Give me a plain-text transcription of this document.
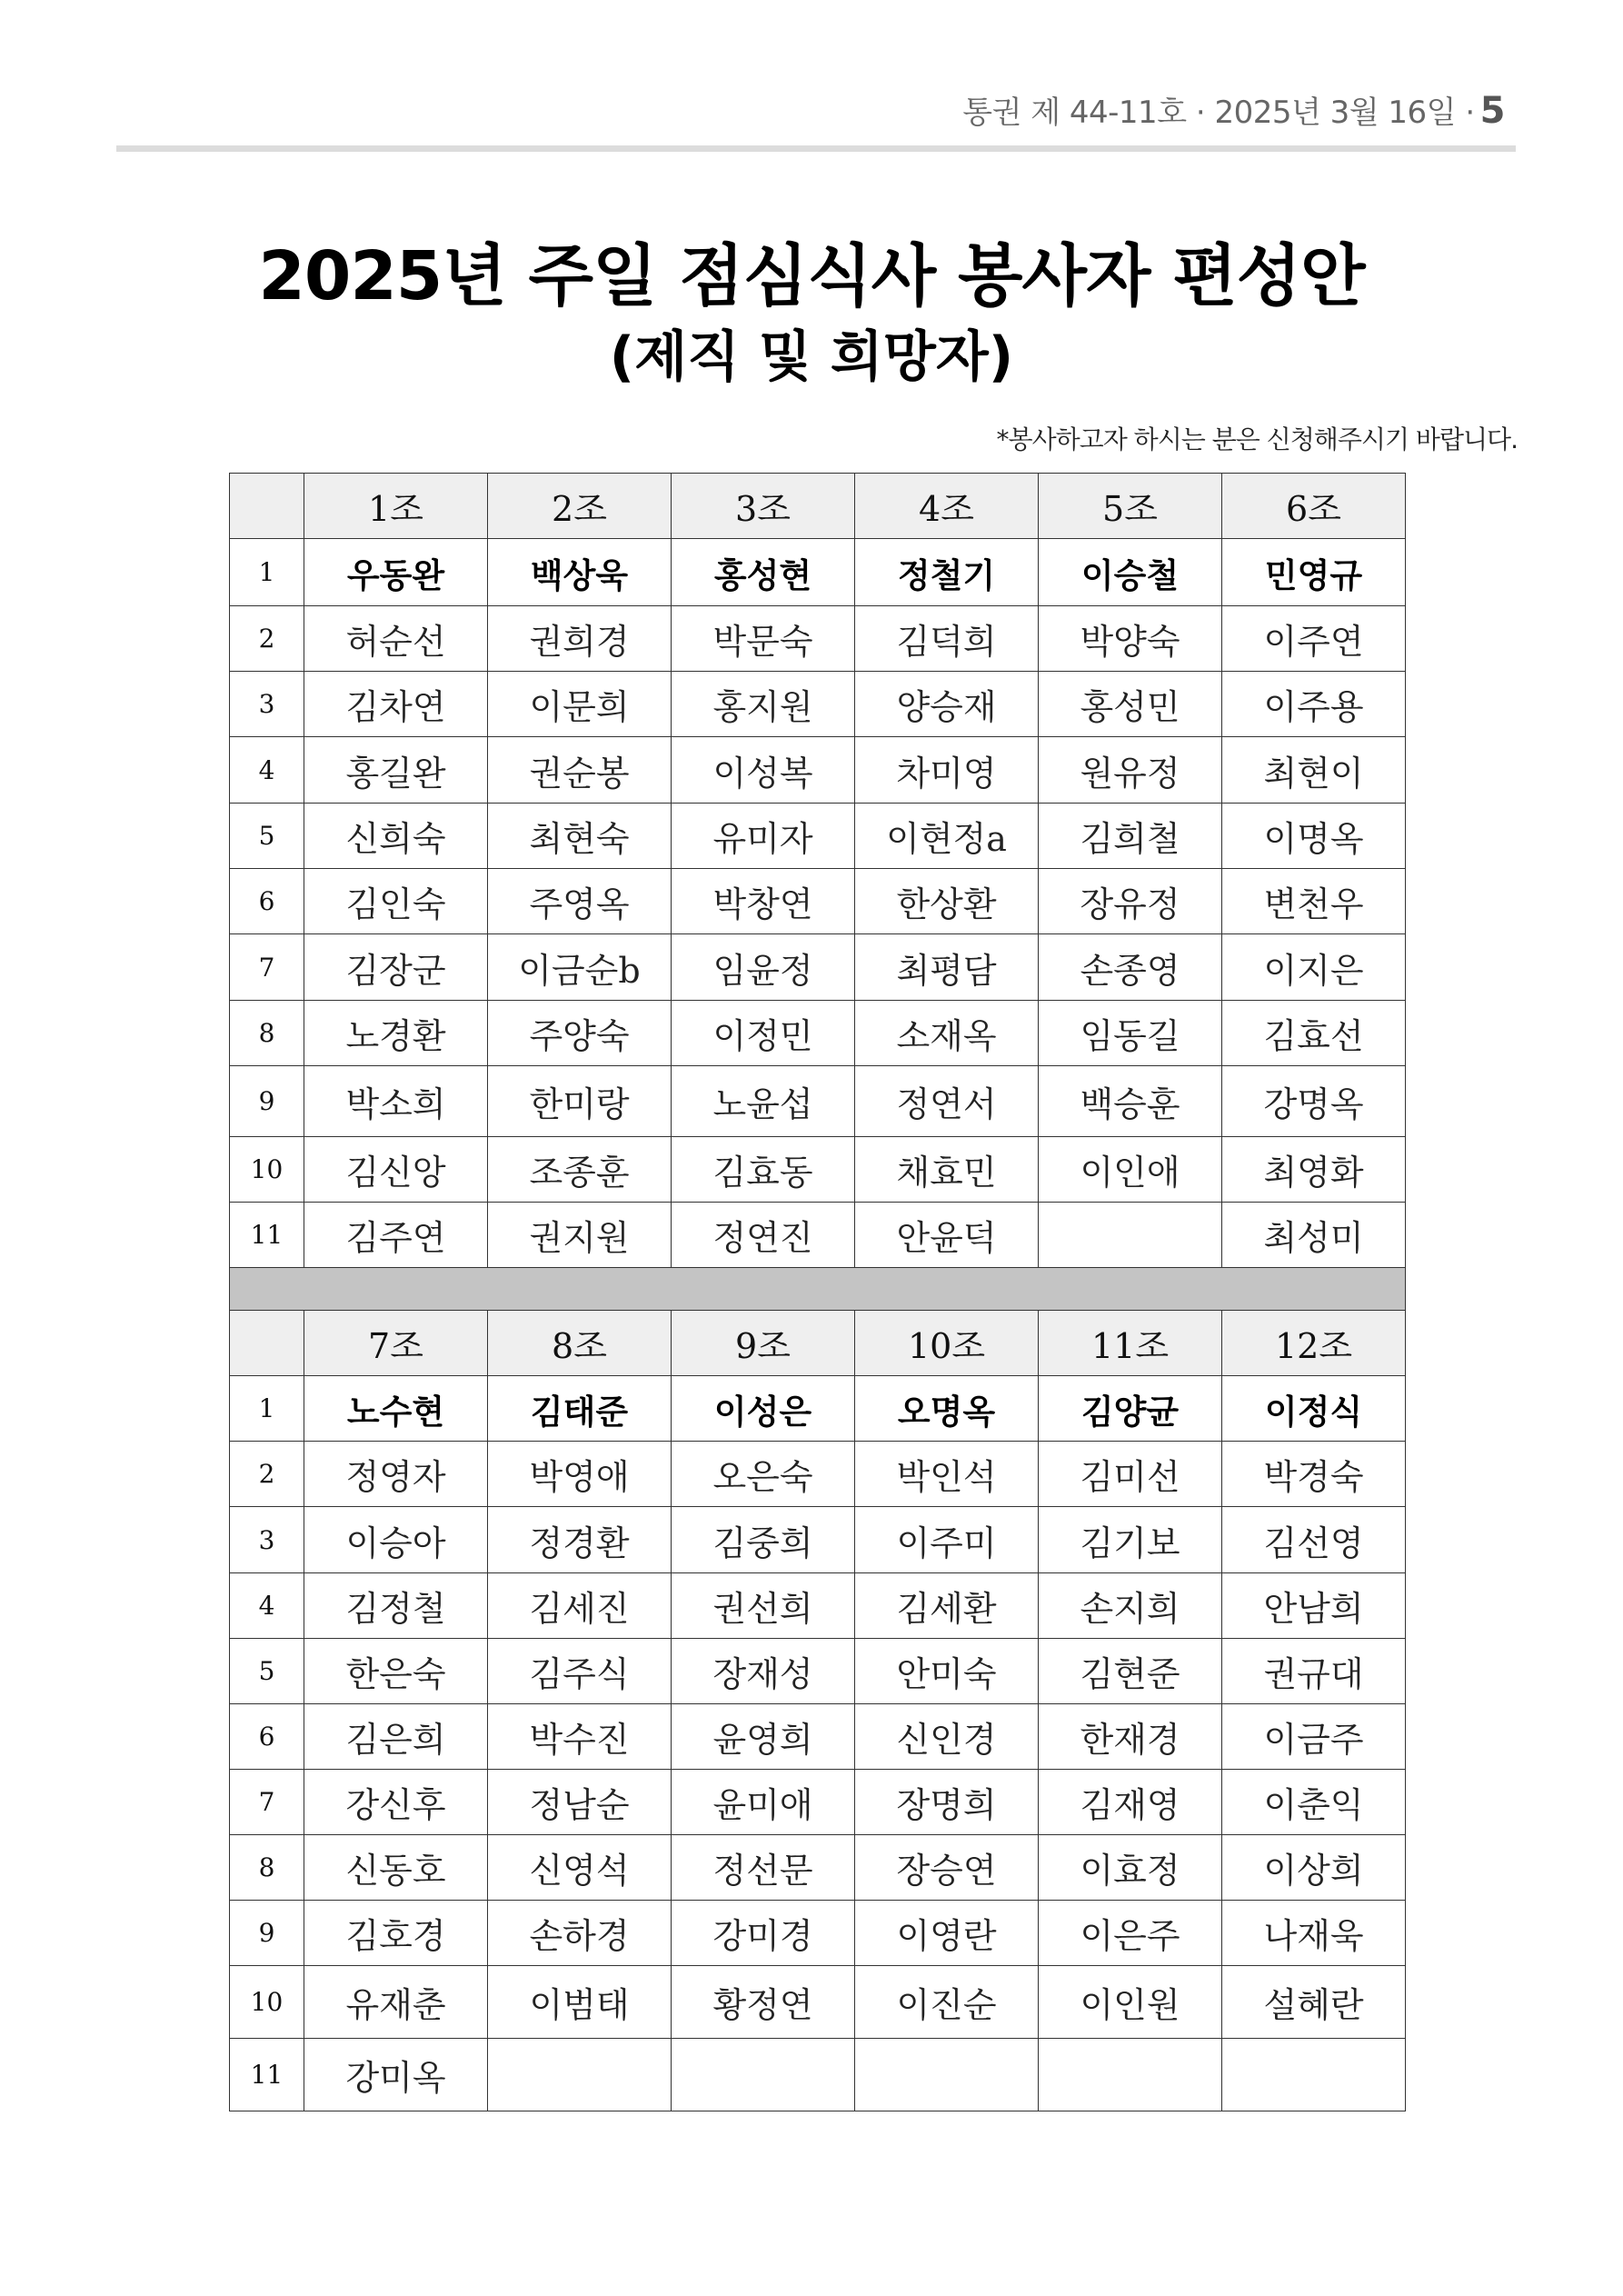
통권 제 44-11호 · 2025년 3월 16일 · 5
2025년 주일 점심식사 봉사자 편성안
(제직 및 희망자)
*봉사하고자 하시는 분은 신청해주시기 바랍니다.
	1조	2조	3조	4조	5조	6조
1	우동완	백상욱	홍성현	정철기	이승철	민영규
2	허순선	권희경	박문숙	김덕희	박양숙	이주연
3	김차연	이문희	홍지원	양승재	홍성민	이주용
4	홍길완	권순봉	이성복	차미영	원유정	최현이
5	신희숙	최현숙	유미자	이현정a	김희철	이명옥
6	김인숙	주영옥	박창연	한상환	장유정	변천우
7	김장군	이금순b	임윤정	최평담	손종영	이지은
8	노경환	주양숙	이정민	소재옥	임동길	김효선
9	박소희	한미랑	노윤섭	정연서	백승훈	강명옥
10	김신앙	조종훈	김효동	채효민	이인애	최영화
11	김주연	권지원	정연진	안윤덕		최성미

	7조	8조	9조	10조	11조	12조
1	노수현	김태준	이성은	오명옥	김양균	이정식
2	정영자	박영애	오은숙	박인석	김미선	박경숙
3	이승아	정경환	김중희	이주미	김기보	김선영
4	김정철	김세진	권선희	김세환	손지희	안남희
5	한은숙	김주식	장재성	안미숙	김현준	권규대
6	김은희	박수진	윤영희	신인경	한재경	이금주
7	강신후	정남순	윤미애	장명희	김재영	이춘익
8	신동호	신영석	정선문	장승연	이효정	이상희
9	김호경	손하경	강미경	이영란	이은주	나재욱
10	유재춘	이범태	황정연	이진순	이인원	설혜란
11	강미옥					
